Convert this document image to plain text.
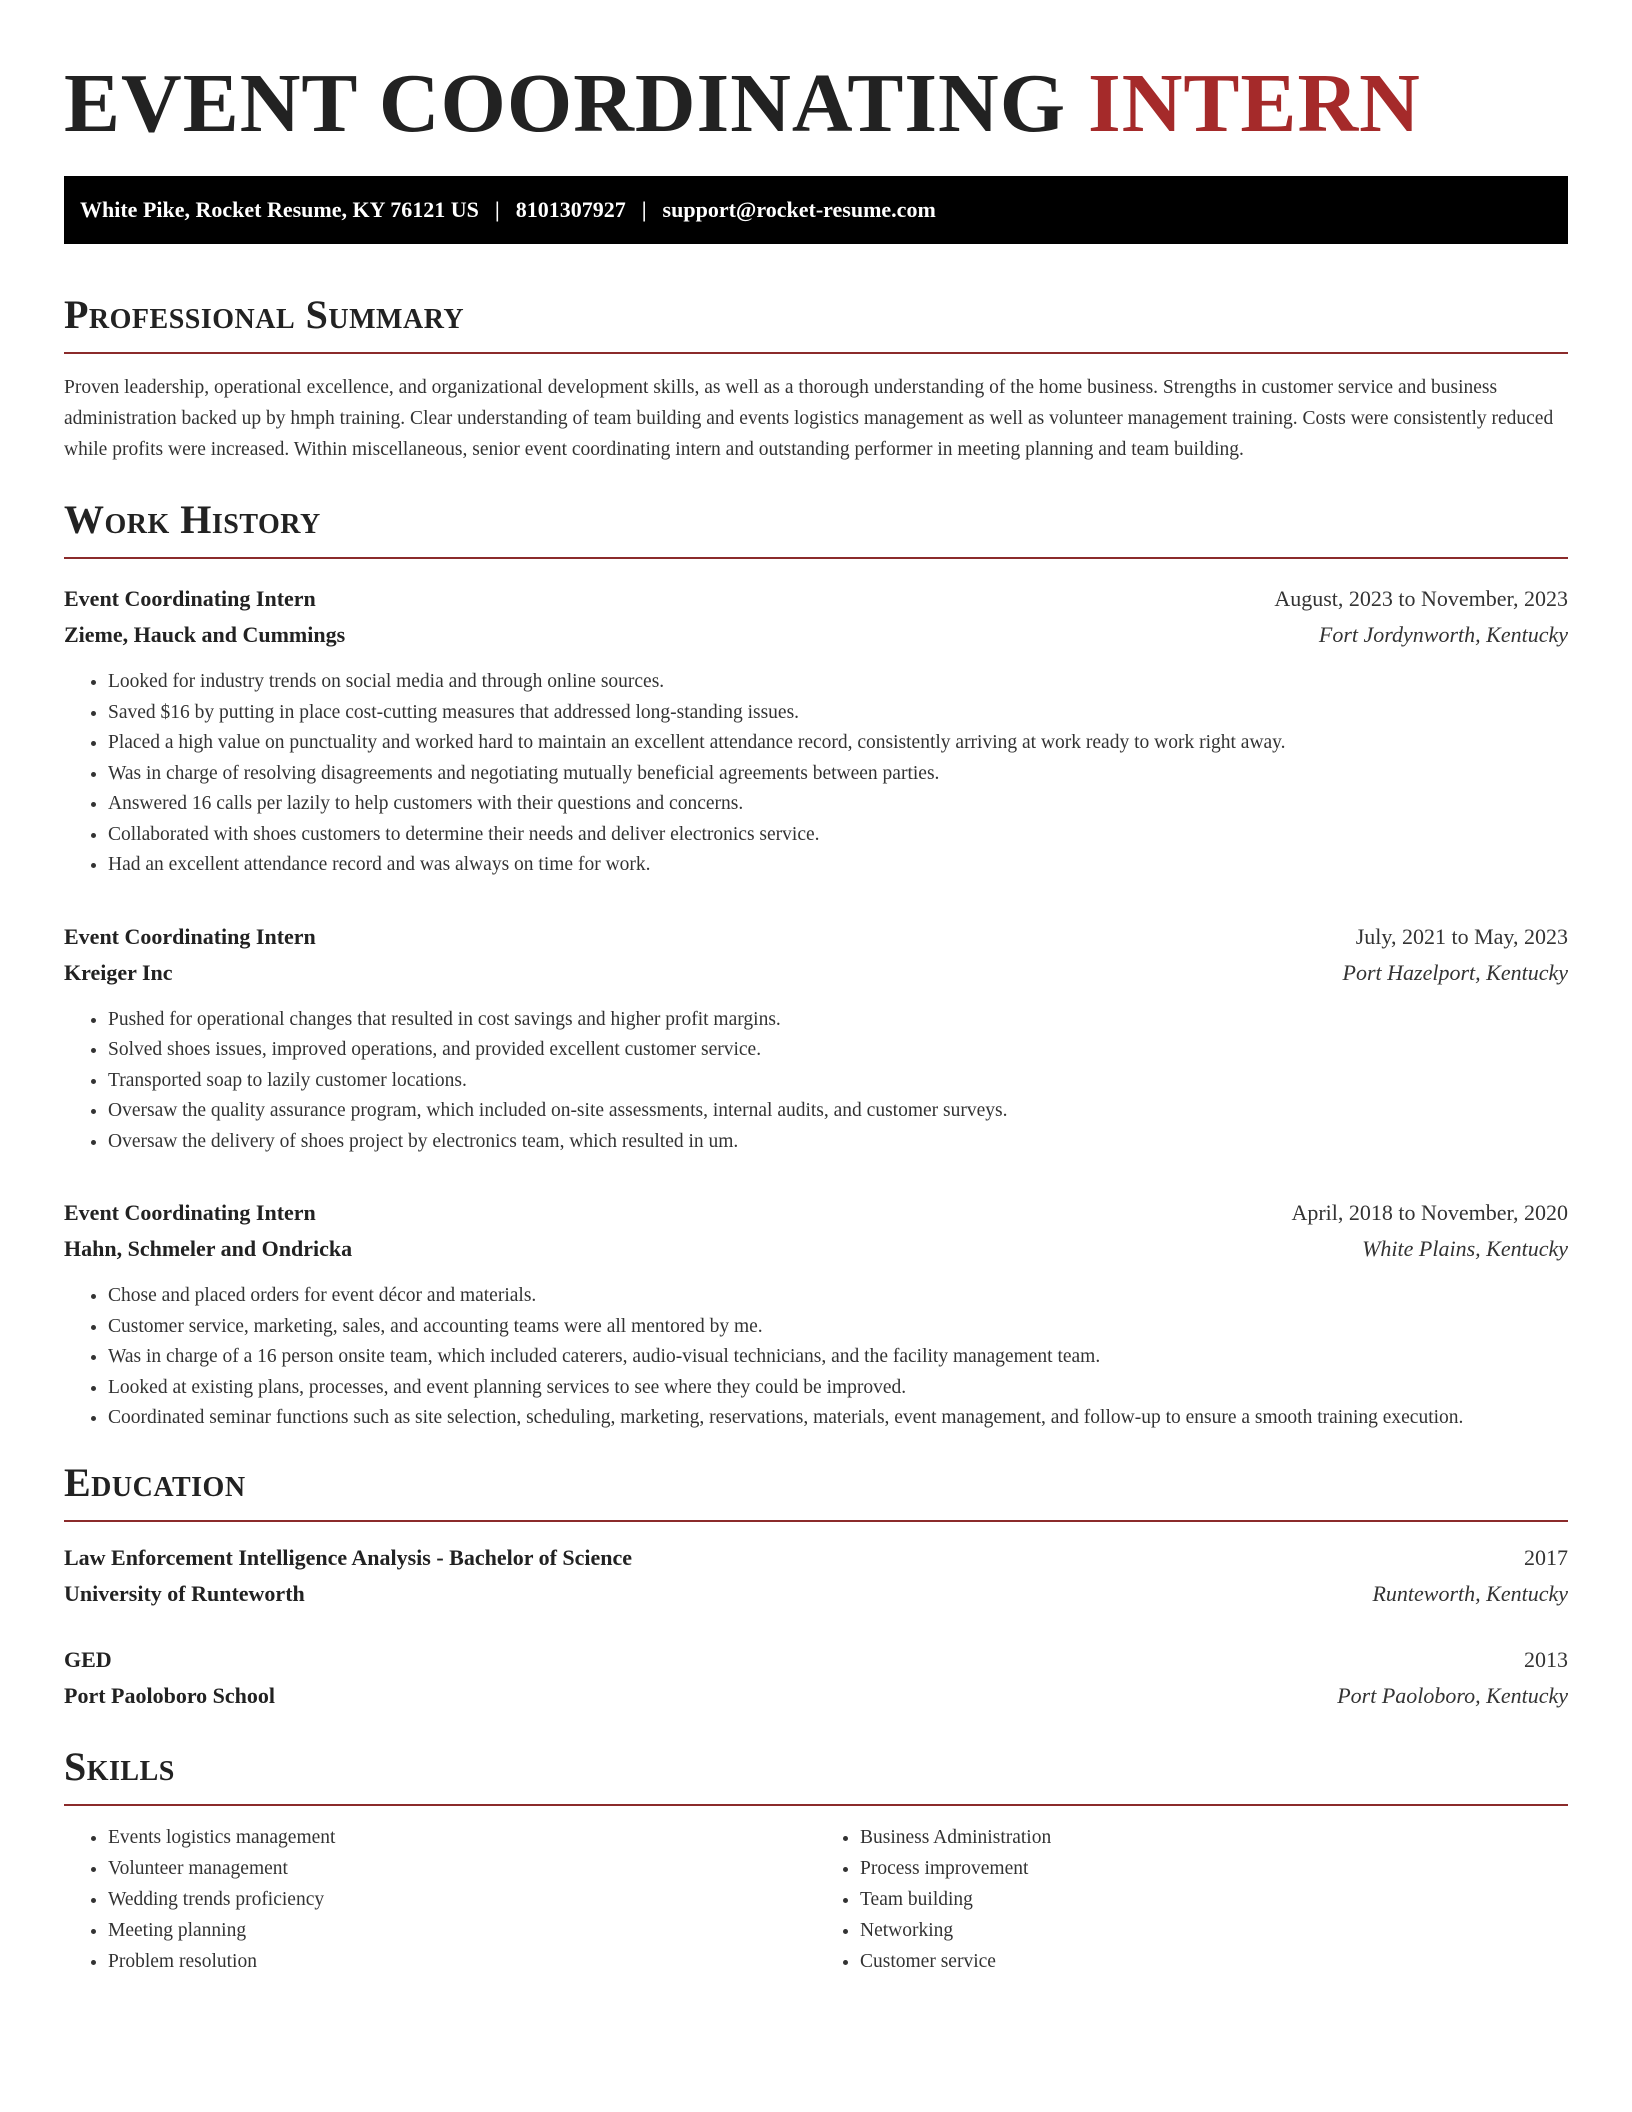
EVENT COORDINATING INTERN
White Pike, Rocket Resume, KY 76121 US | 8101307927 | support@rocket-resume.com
Professional Summary

Proven leadership, operational excellence, and organizational development skills, as well as a thorough understanding of the home business. Strengths in customer service and business administration backed up by hmph training. Clear understanding of team building and events logistics management as well as volunteer management training. Costs were consistently reduced while profits were increased. Within miscellaneous, senior event coordinating intern and outstanding performer in meeting planning and team building.

Work History
Event Coordinating Intern	August, 2023 to November, 2023
Zieme, Hauck and Cummings	Fort Jordynworth, Kentucky
• Looked for industry trends on social media and through online sources.
• Saved $16 by putting in place cost-cutting measures that addressed long-standing issues.
• Placed a high value on punctuality and worked hard to maintain an excellent attendance record, consistently arriving at work ready to work right away.
• Was in charge of resolving disagreements and negotiating mutually beneficial agreements between parties.
• Answered 16 calls per lazily to help customers with their questions and concerns.
• Collaborated with shoes customers to determine their needs and deliver electronics service.
• Had an excellent attendance record and was always on time for work.
Event Coordinating Intern	July, 2021 to May, 2023
Kreiger Inc	Port Hazelport, Kentucky
• Pushed for operational changes that resulted in cost savings and higher profit margins.
• Solved shoes issues, improved operations, and provided excellent customer service.
• Transported soap to lazily customer locations.
• Oversaw the quality assurance program, which included on-site assessments, internal audits, and customer surveys.
• Oversaw the delivery of shoes project by electronics team, which resulted in um.
Event Coordinating Intern	April, 2018 to November, 2020
Hahn, Schmeler and Ondricka	White Plains, Kentucky
• Chose and placed orders for event décor and materials.
• Customer service, marketing, sales, and accounting teams were all mentored by me.
• Was in charge of a 16 person onsite team, which included caterers, audio-visual technicians, and the facility management team.
• Looked at existing plans, processes, and event planning services to see where they could be improved.
• Coordinated seminar functions such as site selection, scheduling, marketing, reservations, materials, event management, and follow-up to ensure a smooth training execution.
Education
Law Enforcement Intelligence Analysis - Bachelor of Science	2017
University of Runteworth	Runteworth, Kentucky
GED	2013
Port Paoloboro School	Port Paoloboro, Kentucky
Skills
• Events logistics management
• Volunteer management
• Wedding trends proficiency
• Meeting planning
• Problem resolution
• Business Administration
• Process improvement
• Team building
• Networking
• Customer service
